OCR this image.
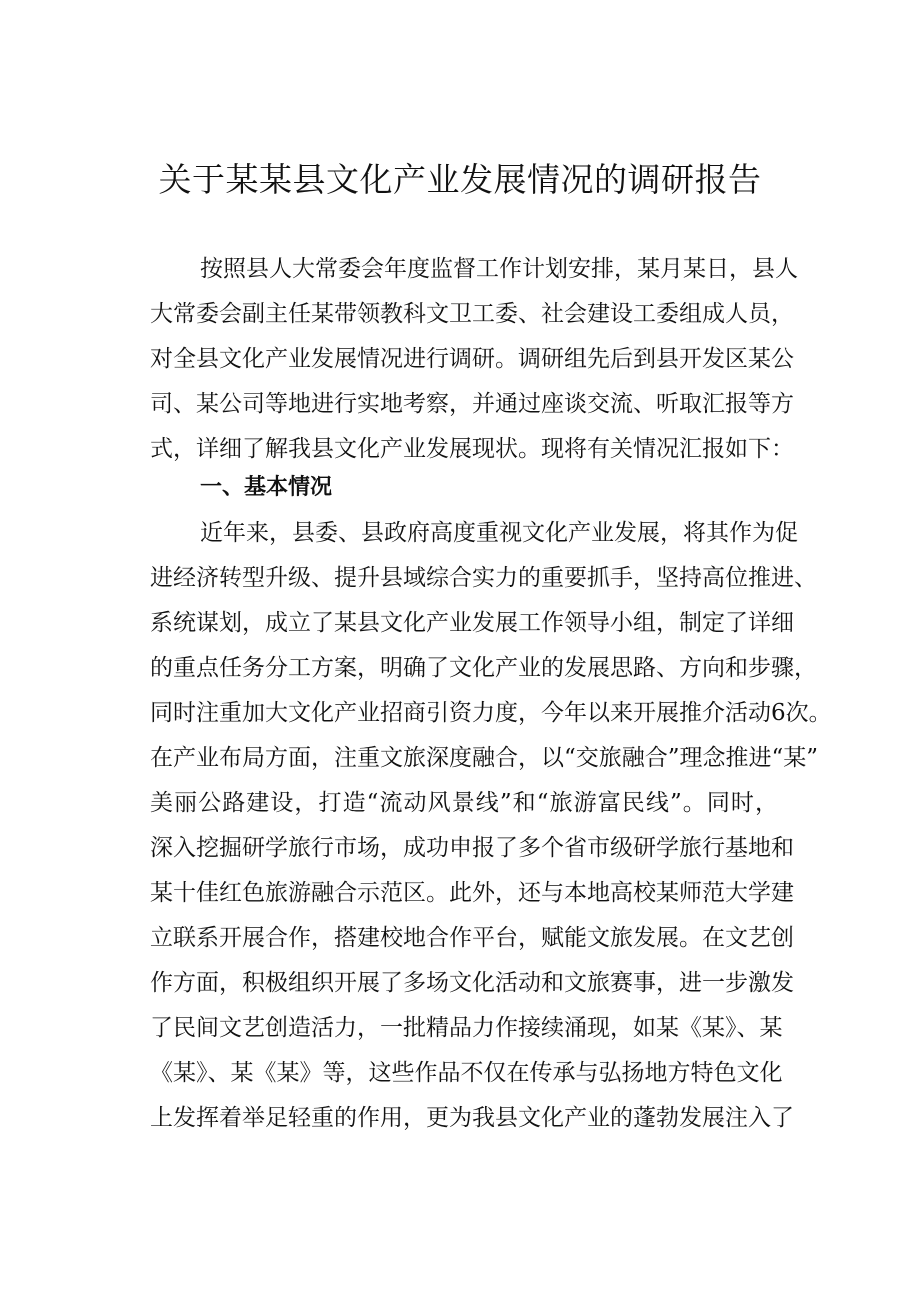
关于某某县文化产业发展情况的调研报告
按照县人大常委会年度监督工作计划安排，某月某日，县人
大常委会副主任某带领教科文卫工委、社会建设工委组成人员，
对全县文化产业发展情况进行调研。调研组先后到县开发区某公
司、某公司等地进行实地考察，并通过座谈交流、听取汇报等方
式，详细了解我县文化产业发展现状。现将有关情况汇报如下：
一、基本情况
近年来，县委、县政府高度重视文化产业发展，将其作为促
进经济转型升级、提升县域综合实力的重要抓手，坚持高位推进、
系统谋划，成立了某县文化产业发展工作领导小组，制定了详细
的重点任务分工方案，明确了文化产业的发展思路、方向和步骤，
同时注重加大文化产业招商引资力度，今年以来开展推介活动6次。
在产业布局方面，注重文旅深度融合，以“交旅融合”理念推进“某”
美丽公路建设，打造“流动风景线”和“旅游富民线”。同时，
深入挖掘研学旅行市场，成功申报了多个省市级研学旅行基地和
某十佳红色旅游融合示范区。此外，还与本地高校某师范大学建
立联系开展合作，搭建校地合作平台，赋能文旅发展。在文艺创
作方面，积极组织开展了多场文化活动和文旅赛事，进一步激发
了民间文艺创造活力，一批精品力作接续涌现，如某《某》、某
《某》、某《某》等，这些作品不仅在传承与弘扬地方特色文化
上发挥着举足轻重的作用，更为我县文化产业的蓬勃发展注入了
